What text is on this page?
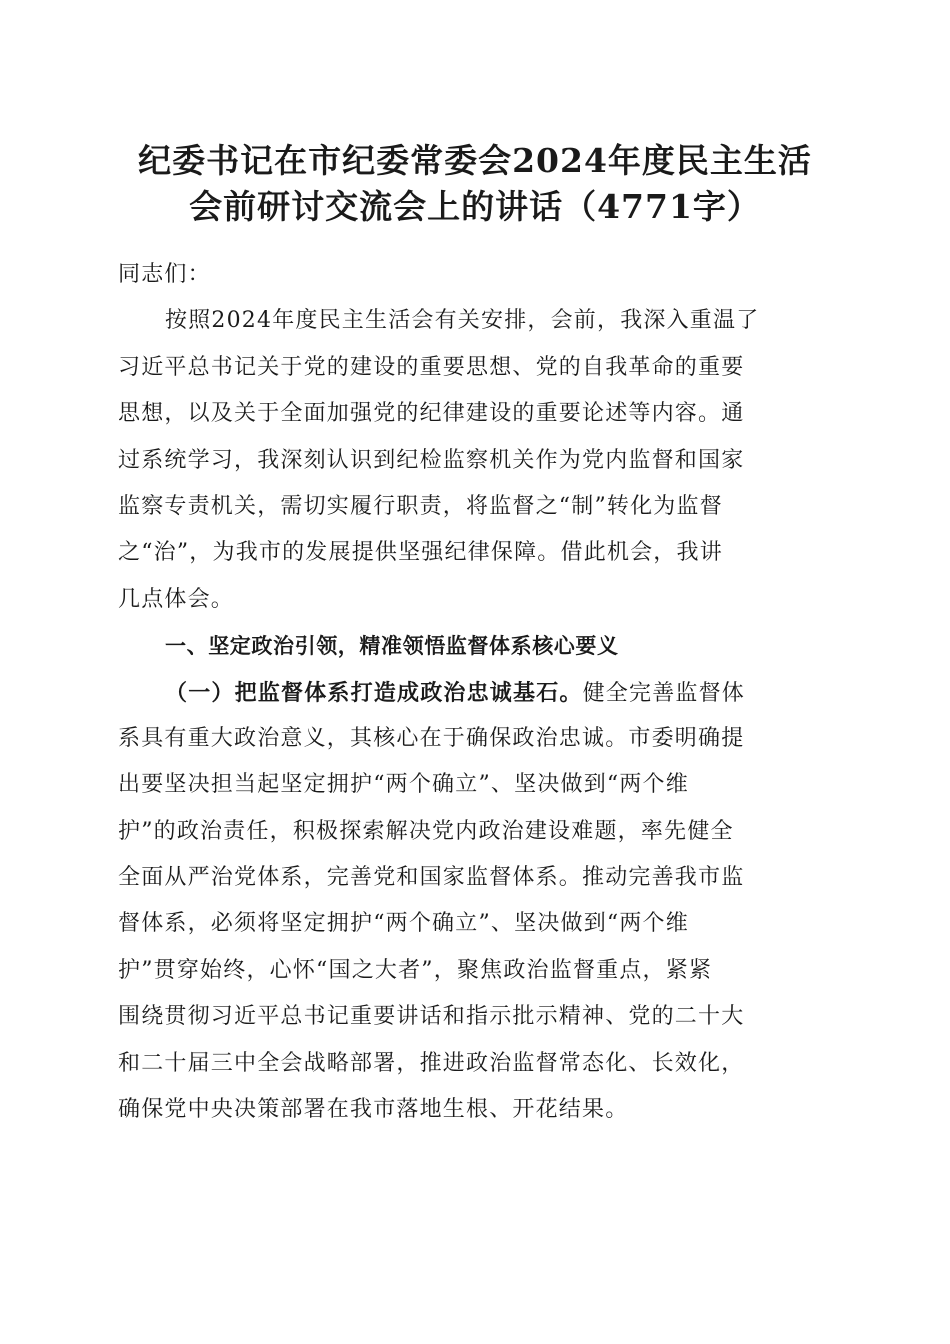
纪委书记在市纪委常委会2024年度民主生活
会前研讨交流会上的讲话（4771字）
同志们：
按照2024年度民主生活会有关安排，会前，我深入重温了
习近平总书记关于党的建设的重要思想、党的自我革命的重要
思想，以及关于全面加强党的纪律建设的重要论述等内容。通
过系统学习，我深刻认识到纪检监察机关作为党内监督和国家
监察专责机关，需切实履行职责，将监督之“制”转化为监督
之“治”，为我市的发展提供坚强纪律保障。借此机会，我讲
几点体会。
一、坚定政治引领，精准领悟监督体系核心要义
（一）把监督体系打造成政治忠诚基石。健全完善监督体
系具有重大政治意义，其核心在于确保政治忠诚。市委明确提
出要坚决担当起坚定拥护“两个确立”、坚决做到“两个维
护”的政治责任，积极探索解决党内政治建设难题，率先健全
全面从严治党体系，完善党和国家监督体系。推动完善我市监
督体系，必须将坚定拥护“两个确立”、坚决做到“两个维
护”贯穿始终，心怀“国之大者”，聚焦政治监督重点，紧紧
围绕贯彻习近平总书记重要讲话和指示批示精神、党的二十大
和二十届三中全会战略部署，推进政治监督常态化、长效化，
确保党中央决策部署在我市落地生根、开花结果。
